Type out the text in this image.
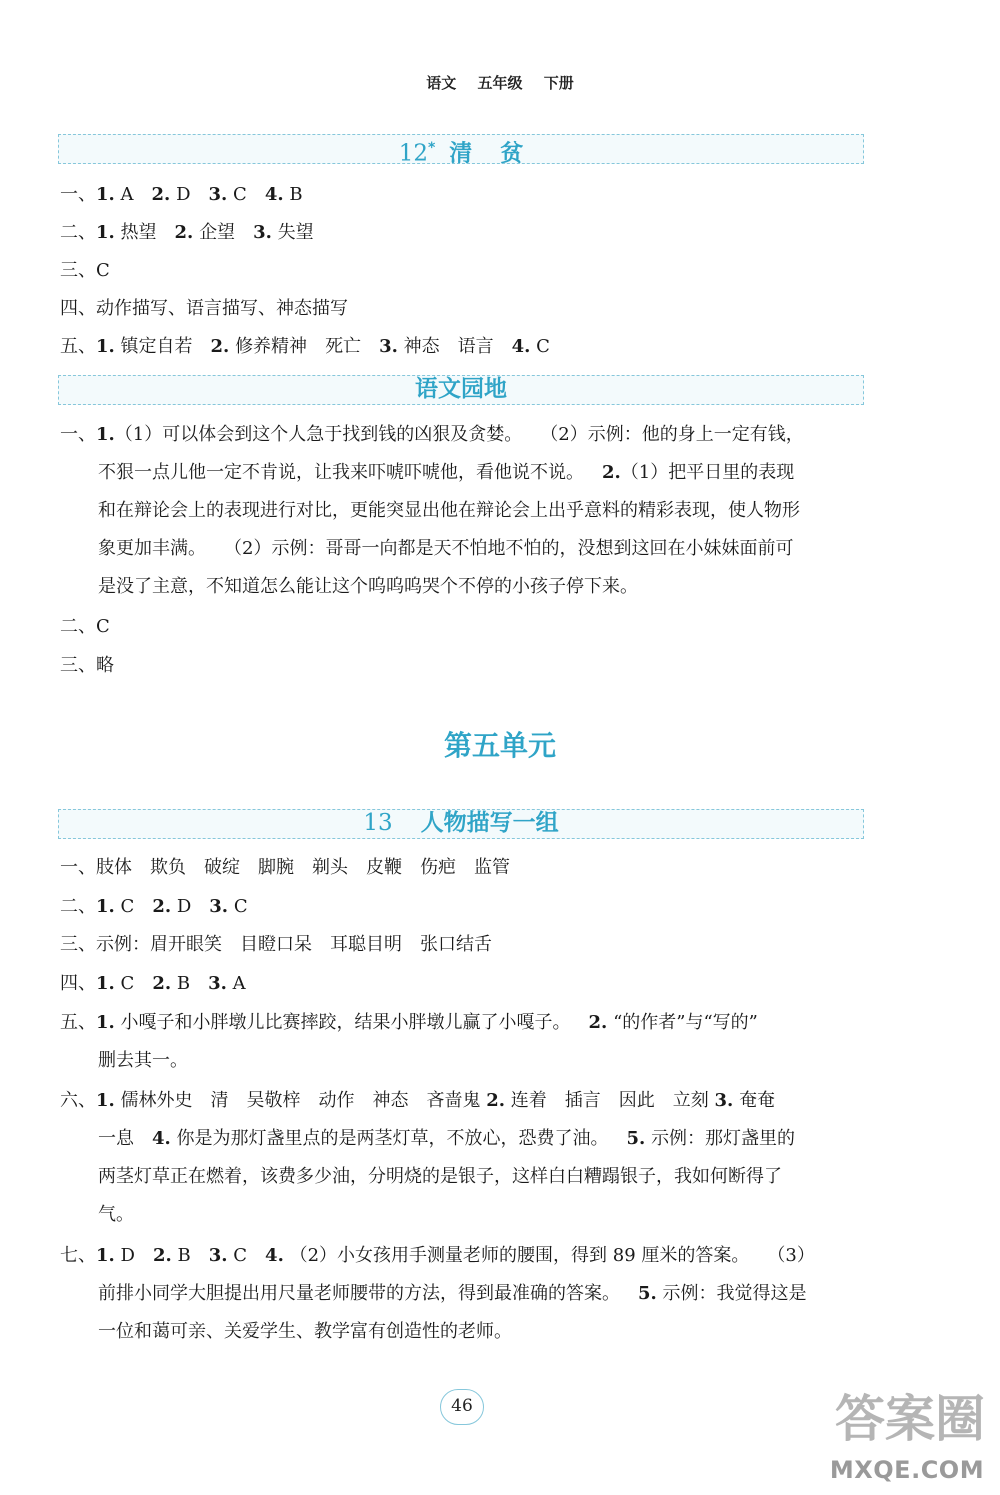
语文 五年级 下册
12* 清 贫
一、1. A 2. D 3. C 4. B
二、1. 热望 2. 企望 3. 失望
三、C
四、动作描写、语言描写、神态描写
五、1. 镇定自若 2. 修养精神 死亡 3. 神态 语言 4. C
语文园地
一、1.（1）可以体会到这个人急于找到钱的凶狠及贪婪。 （2）示例：他的身上一定有钱，
不狠一点儿他一定不肯说，让我来吓唬吓唬他，看他说不说。 2.（1）把平日里的表现
和在辩论会上的表现进行对比，更能突显出他在辩论会上出乎意料的精彩表现，使人物形
象更加丰满。 （2）示例：哥哥一向都是天不怕地不怕的，没想到这回在小妹妹面前可
是没了主意，不知道怎么能让这个呜呜呜哭个不停的小孩子停下来。
二、C
三、略
第五单元
13 人物描写一组
一、肢体 欺负 破绽 脚腕 剃头 皮鞭 伤疤 监管
二、1. C 2. D 3. C
三、示例：眉开眼笑 目瞪口呆 耳聪目明 张口结舌
四、1. C 2. B 3. A
五、1. 小嘎子和小胖墩儿比赛摔跤，结果小胖墩儿赢了小嘎子。 2. “的作者”与“写的”
删去其一。
六、1. 儒林外史 清 吴敬梓 动作 神态 吝啬鬼 2. 连着 插言 因此 立刻 3. 奄奄
一息 4. 你是为那灯盏里点的是两茎灯草，不放心，恐费了油。 5. 示例：那灯盏里的
两茎灯草正在燃着，该费多少油，分明烧的是银子，这样白白糟蹋银子，我如何断得了
气。
七、1. D 2. B 3. C 4. （2）小女孩用手测量老师的腰围，得到 89 厘米的答案。 （3）
前排小同学大胆提出用尺量老师腰带的方法，得到最准确的答案。 5. 示例：我觉得这是
一位和蔼可亲、关爱学生、教学富有创造性的老师。
46	答案圈
MXQE.COM
